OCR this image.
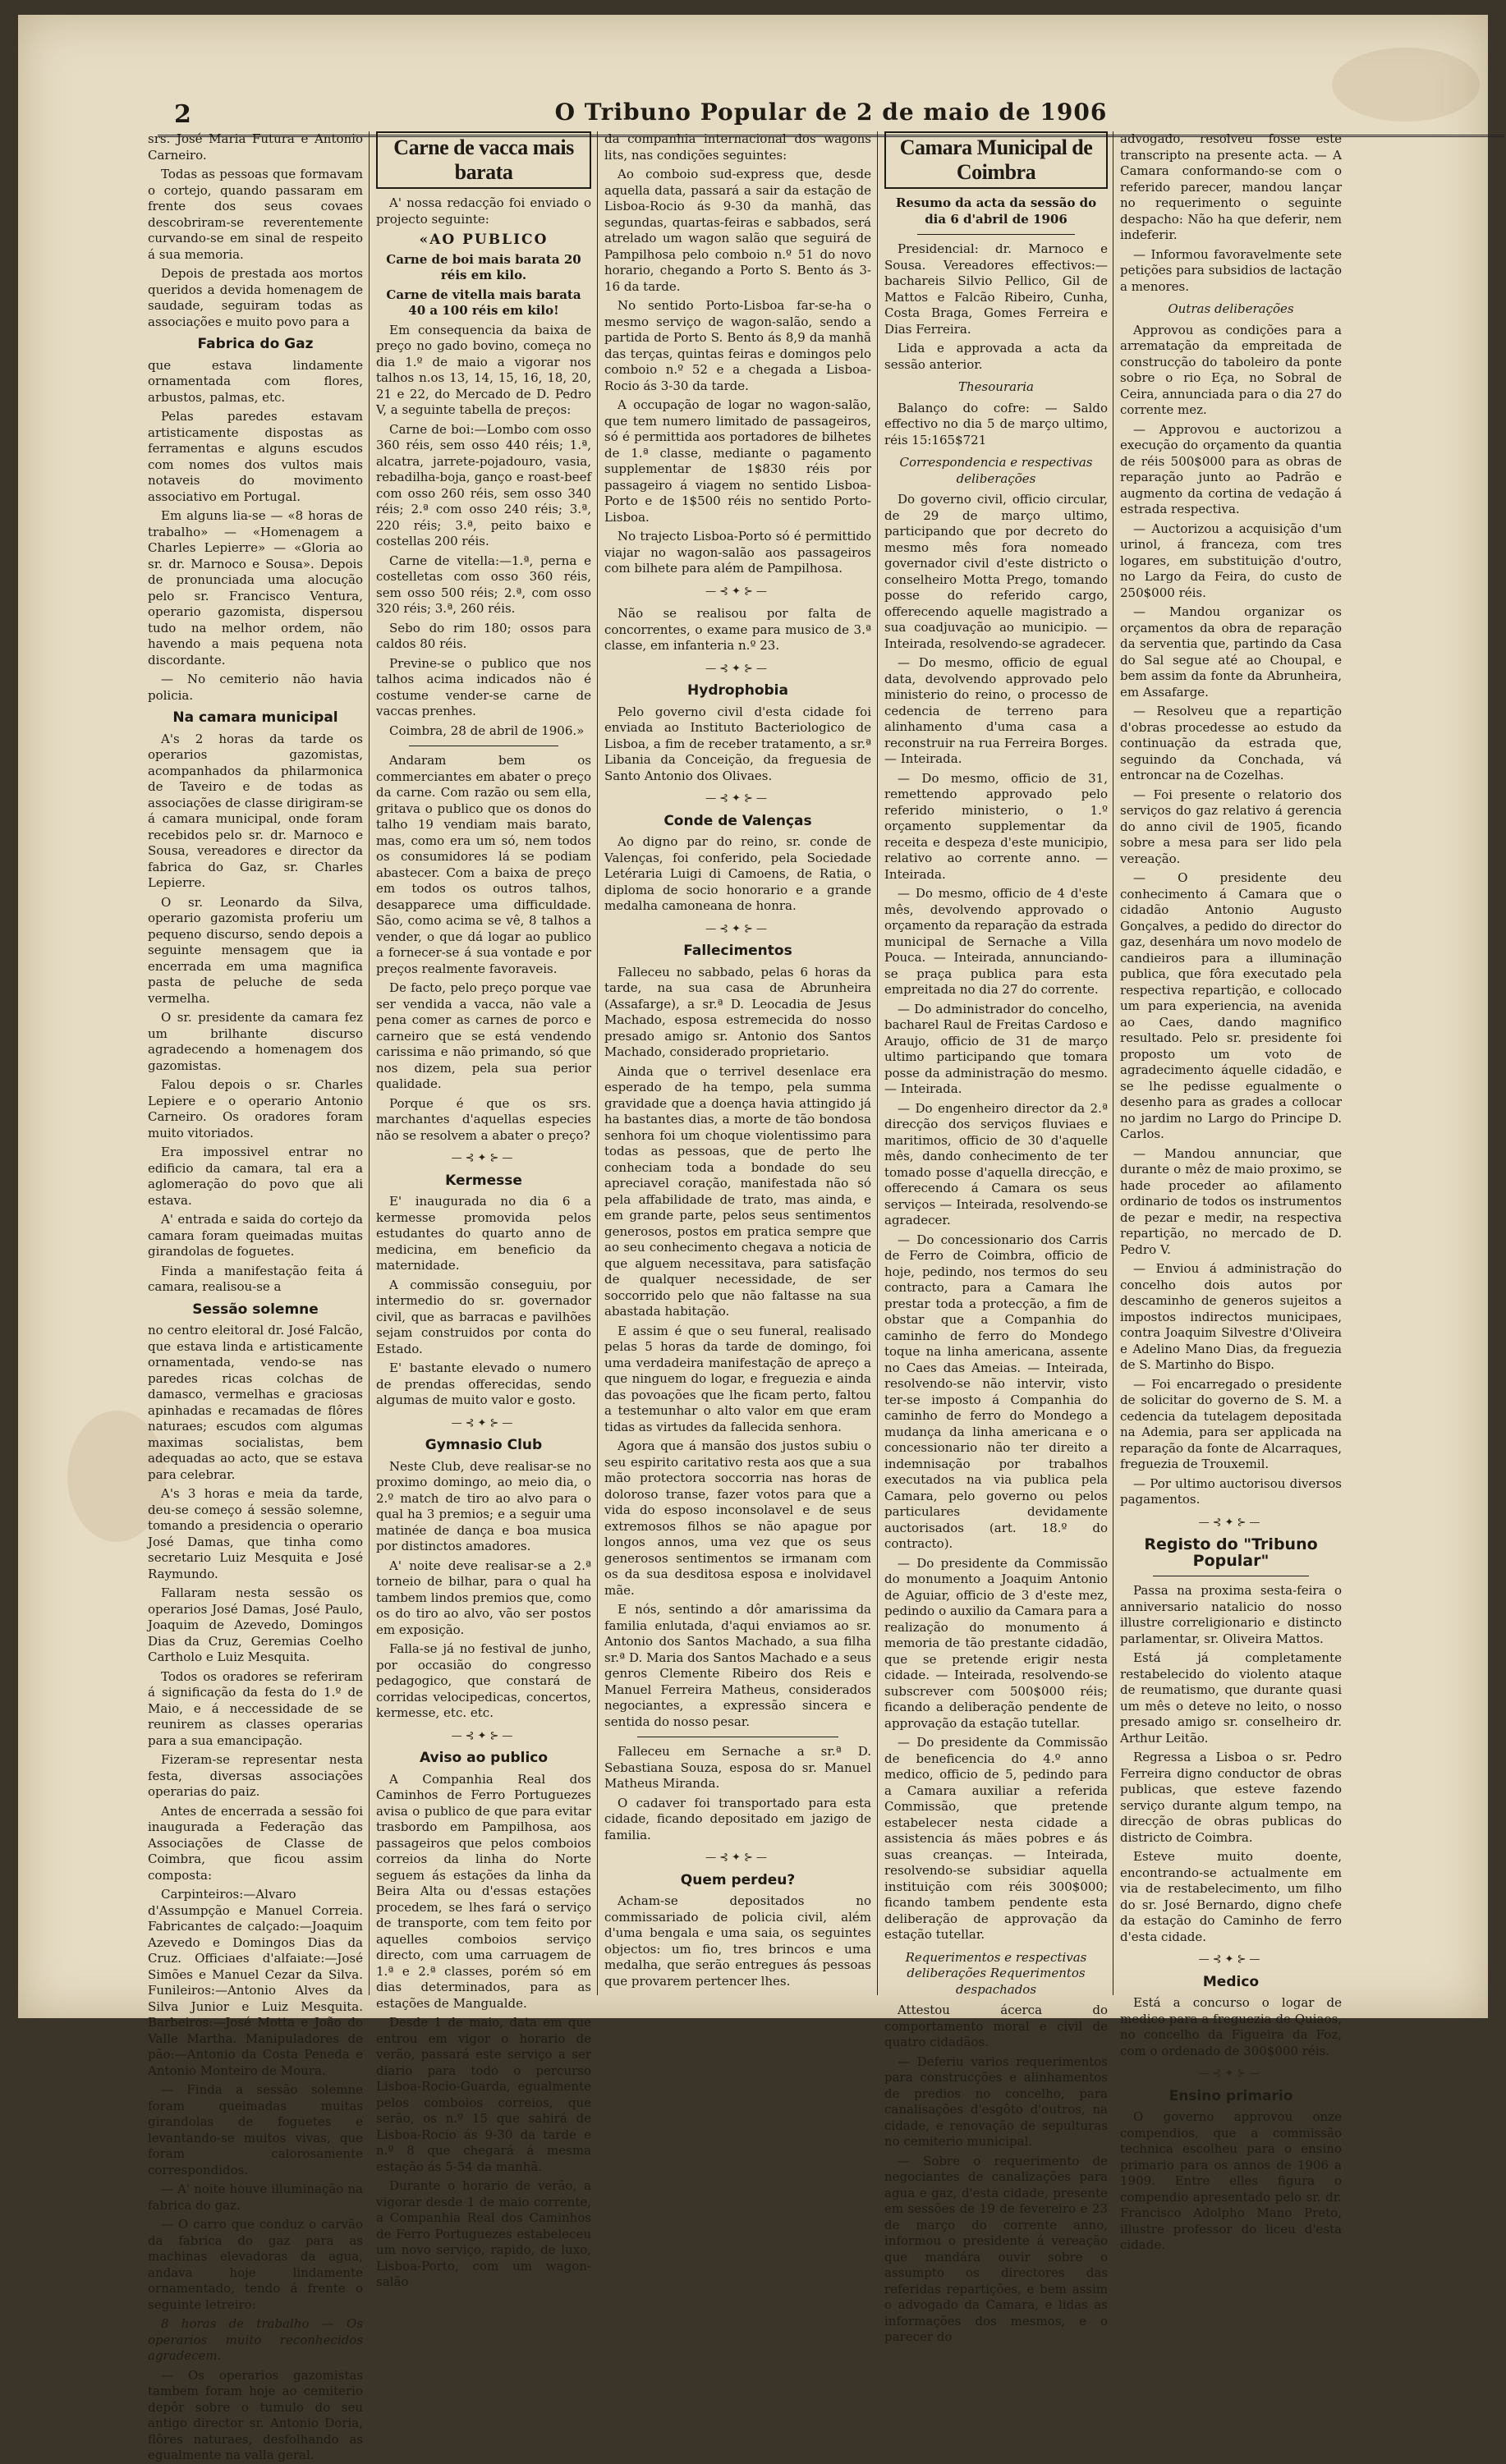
2	O Tribuno Popular de 2 de maio de 1906

srs. José Maria Futura e Antonio Carneiro.

Todas as pessoas que formavam o cortejo, quando passaram em frente dos seus covaes descobriram-se reverentemente curvando-se em sinal de respeito á sua memoria.

Depois de prestada aos mortos queridos a devida homenagem de saudade, seguiram todas as associações e muito povo para a

Fabrica do Gaz

que estava lindamente ornamentada com flores, arbustos, palmas, etc.

Pelas paredes estavam artisticamente dispostas as ferramentas e alguns escudos com nomes dos vultos mais notaveis do movimento associativo em Portugal.

Em alguns lia-se — «8 horas de trabalho» — «Homenagem a Charles Lepierre» — «Gloria ao sr. dr. Marnoco e Sousa». Depois de pronunciada uma alocução pelo sr. Francisco Ventura, operario gazomista, dispersou tudo na melhor ordem, não havendo a mais pequena nota discordante.

— No cemiterio não havia policia.

Na camara municipal

A's 2 horas da tarde os operarios gazomistas, acompanhados da philarmonica de Taveiro e de todas as associações de classe dirigiram-se á camara municipal, onde foram recebidos pelo sr. dr. Marnoco e Sousa, vereadores e director da fabrica do Gaz, sr. Charles Lepierre.

O sr. Leonardo da Silva, operario gazomista proferiu um pequeno discurso, sendo depois a seguinte mensagem que ia encerrada em uma magnifica pasta de peluche de seda vermelha.

O sr. presidente da camara fez um brilhante discurso agradecendo a homenagem dos gazomistas.

Falou depois o sr. Charles Lepiere e o operario Antonio Carneiro. Os oradores foram muito vitoriados.

Era impossivel entrar no edificio da camara, tal era a aglomeração do povo que ali estava.

A' entrada e saida do cortejo da camara foram queimadas muitas girandolas de foguetes.

Finda a manifestação feita á camara, realisou-se a

Sessão solemne

no centro eleitoral dr. José Falcão, que estava linda e artisticamente ornamentada, vendo-se nas paredes ricas colchas de damasco, vermelhas e graciosas apinhadas e recamadas de flôres naturaes; escudos com algumas maximas socialistas, bem adequadas ao acto, que se estava para celebrar.

A's 3 horas e meia da tarde, deu-se começo á sessão solemne, tomando a presidencia o operario José Damas, que tinha como secretario Luiz Mesquita e José Raymundo.

Fallaram nesta sessão os operarios José Damas, José Paulo, Joaquim de Azevedo, Domingos Dias da Cruz, Geremias Coelho Cartholo e Luiz Mesquita.

Todos os oradores se referiram á significação da festa do 1.º de Maio, e á neccessidade de se reunirem as classes operarias para a sua emancipação.

Fizeram-se representar nesta festa, diversas associações operarias do paiz.

Antes de encerrada a sessão foi inaugurada a Federação das Associações de Classe de Coimbra, que ficou assim composta:

Carpinteiros:—Alvaro d'Assumpção e Manuel Correia. Fabricantes de calçado:—Joaquim Azevedo e Domingos Dias da Cruz. Officiaes d'alfaiate:—José Simões e Manuel Cezar da Silva. Funileiros:—Antonio Alves da Silva Junior e Luiz Mesquita. Barbeiros:—José Motta e João do Valle Martha. Manipuladores de pão:—Antonio da Costa Peneda e Antonio Monteiro de Moura.

— Finda a sessão solemne foram queimadas muitas girandolas de foguetes e levantando-se muitos vivas, que foram calorosamente correspondidos.

— A' noite houve illuminação na fabrica do gaz.

— O carro que conduz o carvão da fabrica do gaz para as machinas elevadoras da agua, andava hoje lindamente ornamentado, tendo á frente o seguinte letreiro:

8 horas de trabalho — Os operarios muito reconhecidos agradecem.

— Os operarios gazomistas tambem foram hoje ao cemiterio depôr sobre o tumulo do seu antigo director sr. Antonio Doria, flôres naturaes, desfolhando as egualmente na valla geral.

Carne de vacca mais barata

A' nossa redacção foi enviado o projecto seguinte:

«AO PUBLICO

Carne de boi mais barata 20 réis em kilo.

Carne de vitella mais barata 40 a 100 réis em kilo!

Em consequencia da baixa de preço no gado bovino, começa no dia 1.º de maio a vigorar nos talhos n.os 13, 14, 15, 16, 18, 20, 21 e 22, do Mercado de D. Pedro V, a seguinte tabella de preços:

Carne de boi:—Lombo com osso 360 réis, sem osso 440 réis; 1.ª, alcatra, jarrete-pojadouro, vasia, rebadilha-boja, ganço e roast-beef com osso 260 réis, sem osso 340 réis; 2.ª com osso 240 réis; 3.ª, 220 réis; 3.ª, peito baixo e costellas 200 réis.

Carne de vitella:—1.ª, perna e costelletas com osso 360 réis, sem osso 500 réis; 2.ª, com osso 320 réis; 3.ª, 260 réis.

Sebo do rim 180; ossos para caldos 80 réis.

Previne-se o publico que nos talhos acima indicados não é costume vender-se carne de vaccas prenhes.

Coimbra, 28 de abril de 1906.»

Andaram bem os commerciantes em abater o preço da carne. Com razão ou sem ella, gritava o publico que os donos do talho 19 vendiam mais barato, mas, como era um só, nem todos os consumidores lá se podiam abastecer. Com a baixa de preço em todos os outros talhos, desapparece uma difficuldade. São, como acima se vê, 8 talhos a vender, o que dá logar ao publico a fornecer-se á sua vontade e por preços realmente favoraveis.

De facto, pelo preço porque vae ser vendida a vacca, não vale a pena comer as carnes de porco e carneiro que se está vendendo carissima e não primando, só que nos dizem, pela sua perior qualidade.

Porque é que os srs. marchantes d'aquellas especies não se resolvem a abater o preço?

—⊰✦⊱—
Kermesse

E' inaugurada no dia 6 a kermesse promovida pelos estudantes do quarto anno de medicina, em beneficio da maternidade.

A commissão conseguiu, por intermedio do sr. governador civil, que as barracas e pavilhões sejam construidos por conta do Estado.

E' bastante elevado o numero de prendas offerecidas, sendo algumas de muito valor e gosto.

—⊰✦⊱—
Gymnasio Club

Neste Club, deve realisar-se no proximo domingo, ao meio dia, o 2.º match de tiro ao alvo para o qual ha 3 premios; e a seguir uma matinée de dança e boa musica por distinctos amadores.

A' noite deve realisar-se a 2.ª torneio de bilhar, para o qual ha tambem lindos premios que, como os do tiro ao alvo, vão ser postos em exposição.

Falla-se já no festival de junho, por occasião do congresso pedagogico, que constará de corridas velocipedicas, concertos, kermesse, etc. etc.

—⊰✦⊱—
Aviso ao publico

A Companhia Real dos Caminhos de Ferro Portuguezes avisa o publico de que para evitar trasbordo em Pampilhosa, aos passageiros que pelos comboios correios da linha do Norte seguem ás estações da linha da Beira Alta ou d'essas estações procedem, se lhes fará o serviço de transporte, com tem feito por aquelles comboios serviço directo, com uma carruagem de 1.ª e 2.ª classes, porém só em dias determinados, para as estações de Mangualde.

Desde 1 de maio, data em que entrou em vigor o horario de verão, passará este serviço a ser diario para todo o percurso Lisboa-Rocio-Guarda, egualmente pelos comboios correios, que serão, os n.º 15 que sahirá de Lisboa-Rocio ás 9-30 da tarde e n.º 8 que chegará á mesma estação ás 5-54 da manhã.

Durante o horario de verão, a vigorar desde 1 de maio corrente, a Companhia Real dos Caminhos de Ferro Portuguezes estabeleceu um novo serviço, rapido, de luxo, Lisboa-Porto, com um wagon-salão

da companhia internacional dos wagons lits, nas condições seguintes:

Ao comboio sud-express que, desde aquella data, passará a sair da estação de Lisboa-Rocio ás 9-30 da manhã, das segundas, quartas-feiras e sabbados, será atrelado um wagon salão que seguirá de Pampilhosa pelo comboio n.º 51 do novo horario, chegando a Porto S. Bento ás 3-16 da tarde.

No sentido Porto-Lisboa far-se-ha o mesmo serviço de wagon-salão, sendo a partida de Porto S. Bento ás 8,9 da manhã das terças, quintas feiras e domingos pelo comboio n.º 52 e a chegada a Lisboa-Rocio ás 3-30 da tarde.

A occupação de logar no wagon-salão, que tem numero limitado de passageiros, só é permittida aos portadores de bilhetes de 1.ª classe, mediante o pagamento supplementar de 1$830 réis por passageiro á viagem no sentido Lisboa-Porto e de 1$500 réis no sentido Porto-Lisboa.

No trajecto Lisboa-Porto só é permittido viajar no wagon-salão aos passageiros com bilhete para além de Pampilhosa.

—⊰✦⊱—

Não se realisou por falta de concorrentes, o exame para musico de 3.ª classe, em infanteria n.º 23.

—⊰✦⊱—
Hydrophobia

Pelo governo civil d'esta cidade foi enviada ao Instituto Bacteriologico de Lisboa, a fim de receber tratamento, a sr.ª Libania da Conceição, da freguesia de Santo Antonio dos Olivaes.

—⊰✦⊱—
Conde de Valenças

Ao digno par do reino, sr. conde de Valenças, foi conferido, pela Sociedade Letéraria Luigi di Camoens, de Ratia, o diploma de socio honorario e a grande medalha camoneana de honra.

—⊰✦⊱—
Fallecimentos

Falleceu no sabbado, pelas 6 horas da tarde, na sua casa de Abrunheira (Assafarge), a sr.ª D. Leocadia de Jesus Machado, esposa estremecida do nosso presado amigo sr. Antonio dos Santos Machado, considerado proprietario.

Ainda que o terrivel desenlace era esperado de ha tempo, pela summa gravidade que a doença havia attingido já ha bastantes dias, a morte de tão bondosa senhora foi um choque violentissimo para todas as pessoas, que de perto lhe conheciam toda a bondade do seu apreciavel coração, manifestada não só pela affabilidade de trato, mas ainda, e em grande parte, pelos seus sentimentos generosos, postos em pratica sempre que ao seu conhecimento chegava a noticia de que alguem necessitava, para satisfação de qualquer necessidade, de ser soccorrido pelo que não faltasse na sua abastada habitação.

E assim é que o seu funeral, realisado pelas 5 horas da tarde de domingo, foi uma verdadeira manifestação de apreço a que ninguem do logar, e freguezia e ainda das povoações que lhe ficam perto, faltou a testemunhar o alto valor em que eram tidas as virtudes da fallecida senhora.

Agora que á mansão dos justos subiu o seu espirito caritativo resta aos que a sua mão protectora soccorria nas horas de doloroso transe, fazer votos para que a vida do esposo inconsolavel e de seus extremosos filhos se não apague por longos annos, uma vez que os seus generosos sentimentos se irmanam com os da sua desditosa esposa e inolvidavel mãe.

E nós, sentindo a dôr amarissima da familia enlutada, d'aqui enviamos ao sr. Antonio dos Santos Machado, a sua filha sr.ª D. Maria dos Santos Machado e a seus genros Clemente Ribeiro dos Reis e Manuel Ferreira Matheus, considerados negociantes, a expressão sincera e sentida do nosso pesar.

Falleceu em Sernache a sr.ª D. Sebastiana Souza, esposa do sr. Manuel Matheus Miranda.

O cadaver foi transportado para esta cidade, ficando depositado em jazigo de familia.

—⊰✦⊱—
Quem perdeu?

Acham-se depositados no commissariado de policia civil, além d'uma bengala e uma saia, os seguintes objectos: um fio, tres brincos e uma medalha, que serão entregues ás pessoas que provarem pertencer lhes.

Camara Municipal de Coimbra

Resumo da acta da sessão do dia 6 d'abril de 1906

Presidencial: dr. Marnoco e Sousa. Vereadores effectivos:—bachareis Silvio Pellico, Gil de Mattos e Falcão Ribeiro, Cunha, Costa Braga, Gomes Ferreira e Dias Ferreira.

Lida e approvada a acta da sessão anterior.

Thesouraria

Balanço do cofre: — Saldo effectivo no dia 5 de março ultimo, réis 15:165$721

Correspondencia e respectivas deliberações

Do governo civil, officio circular, de 29 de março ultimo, participando que por decreto do mesmo mês fora nomeado governador civil d'este districto o conselheiro Motta Prego, tomando posse do referido cargo, offerecendo aquelle magistrado a sua coadjuvação ao municipio. — Inteirada, resolvendo-se agradecer.

— Do mesmo, officio de egual data, devolvendo approvado pelo ministerio do reino, o processo de cedencia de terreno para alinhamento d'uma casa a reconstruir na rua Ferreira Borges. — Inteirada.

— Do mesmo, officio de 31, remettendo approvado pelo referido ministerio, o 1.º orçamento supplementar da receita e despeza d'este municipio, relativo ao corrente anno. — Inteirada.

— Do mesmo, officio de 4 d'este mês, devolvendo approvado o orçamento da reparação da estrada municipal de Sernache a Villa Pouca. — Inteirada, annunciando-se praça publica para esta empreitada no dia 27 do corrente.

— Do administrador do concelho, bacharel Raul de Freitas Cardoso e Araujo, officio de 31 de março ultimo participando que tomara posse da administração do mesmo. — Inteirada.

— Do engenheiro director da 2.ª direcção dos serviços fluviaes e maritimos, officio de 30 d'aquelle mês, dando conhecimento de ter tomado posse d'aquella direcção, e offerecendo á Camara os seus serviços — Inteirada, resolvendo-se agradecer.

— Do concessionario dos Carris de Ferro de Coimbra, officio de hoje, pedindo, nos termos do seu contracto, para a Camara lhe prestar toda a protecção, a fim de obstar que a Companhia do caminho de ferro do Mondego toque na linha americana, assente no Caes das Ameias. — Inteirada, resolvendo-se não intervir, visto ter-se imposto á Companhia do caminho de ferro do Mondego a mudança da linha americana e o concessionario não ter direito a indemnisação por trabalhos executados na via publica pela Camara, pelo governo ou pelos particulares devidamente auctorisados (art. 18.º do contracto).

— Do presidente da Commissão do monumento a Joaquim Antonio de Aguiar, officio de 3 d'este mez, pedindo o auxilio da Camara para a realização do monumento á memoria de tão prestante cidadão, que se pretende erigir nesta cidade. — Inteirada, resolvendo-se subscrever com 500$000 réis; ficando a deliberação pendente de approvação da estação tutellar.

— Do presidente da Commissão de beneficencia do 4.º anno medico, officio de 5, pedindo para a Camara auxiliar a referida Commissão, que pretende estabelecer nesta cidade a assistencia ás mães pobres e ás suas creanças. — Inteirada, resolvendo-se subsidiar aquella instituição com réis 300$000; ficando tambem pendente esta deliberação de approvação da estação tutellar.

Requerimentos e respectivas deliberações Requerimentos despachados

Attestou ácerca do comportamento moral e civil de quatro cidadãos.

— Deferiu varios requerimentos para construcções e alinhamentos de predios no concelho, para canalisações d'esgôto d'outros, na cidade, e renovação de sepulturas no cemiterio municipal.

— Sobre o requerimento de negociantes de canalizações para agua e gaz, d'esta cidade, presente em sessões de 19 de fevereiro e 23 de março do corrente anno, informou o presidente á vereação que mandára ouvir sobre o assumpto os directores das referidas repartições, e bem assim o advogado da Camara, e lidas as informações dos mesmos, e o parecer do

advogado, resolveu fosse este transcripto na presente acta. — A Camara conformando-se com o referido parecer, mandou lançar no requerimento o seguinte despacho: Não ha que deferir, nem indeferir.

— Informou favoravelmente sete petições para subsidios de lactação a menores.

Outras deliberações

Approvou as condições para a arrematação da empreitada de construcção do taboleiro da ponte sobre o rio Eça, no Sobral de Ceira, annunciada para o dia 27 do corrente mez.

— Approvou e auctorizou a execução do orçamento da quantia de réis 500$000 para as obras de reparação junto ao Padrão e augmento da cortina de vedação á estrada respectiva.

— Auctorizou a acquisição d'um urinol, á franceza, com tres logares, em substituição d'outro, no Largo da Feira, do custo de 250$000 réis.

— Mandou organizar os orçamentos da obra de reparação da serventia que, partindo da Casa do Sal segue até ao Choupal, e bem assim da fonte da Abrunheira, em Assafarge.

— Resolveu que a repartição d'obras procedesse ao estudo da continuação da estrada que, seguindo da Conchada, vá entroncar na de Cozelhas.

— Foi presente o relatorio dos serviços do gaz relativo á gerencia do anno civil de 1905, ficando sobre a mesa para ser lido pela vereação.

— O presidente deu conhecimento á Camara que o cidadão Antonio Augusto Gonçalves, a pedido do director do gaz, desenhára um novo modelo de candieiros para a illuminação publica, que fôra executado pela respectiva repartição, e collocado um para experiencia, na avenida ao Caes, dando magnifico resultado. Pelo sr. presidente foi proposto um voto de agradecimento áquelle cidadão, e se lhe pedisse egualmente o desenho para as grades a collocar no jardim no Largo do Principe D. Carlos.

— Mandou annunciar, que durante o mêz de maio proximo, se hade proceder ao afilamento ordinario de todos os instrumentos de pezar e medir, na respectiva repartição, no mercado de D. Pedro V.

— Enviou á administração do concelho dois autos por descaminho de generos sujeitos a impostos indirectos municipaes, contra Joaquim Silvestre d'Oliveira e Adelino Mano Dias, da freguezia de S. Martinho do Bispo.

— Foi encarregado o presidente de solicitar do governo de S. M. a cedencia da tutelagem depositada na Ademia, para ser applicada na reparação da fonte de Alcarraques, freguezia de Trouxemil.

— Por ultimo auctorisou diversos pagamentos.

—⊰✦⊱—
Registo do "Tribuno Popular"

Passa na proxima sesta-feira o anniversario natalicio do nosso illustre correligionario e distincto parlamentar, sr. Oliveira Mattos.

Está já completamente restabelecido do violento ataque de reumatismo, que durante quasi um mês o deteve no leito, o nosso presado amigo sr. conselheiro dr. Arthur Leitão.

Regressa a Lisboa o sr. Pedro Ferreira digno conductor de obras publicas, que esteve fazendo serviço durante algum tempo, na direcção de obras publicas do districto de Coimbra.

Esteve muito doente, encontrando-se actualmente em via de restabelecimento, um filho do sr. José Bernardo, digno chefe da estação do Caminho de ferro d'esta cidade.

—⊰✦⊱—
Medico

Está a concurso o logar de medico para a freguezia de Quiaos, no concelho da Figueira da Foz, com o ordenado de 300$000 réis.

—⊰✦⊱—
Ensino primario

O governo approvou onze compendios, que a commissão technica escolheu para o ensino primario para os annos de 1906 a 1909. Entre elles figura o compendio apresentado pelo sr. dr. Francisco Adolpho Mano Preto, illustre professor do liceu d'esta cidade.
